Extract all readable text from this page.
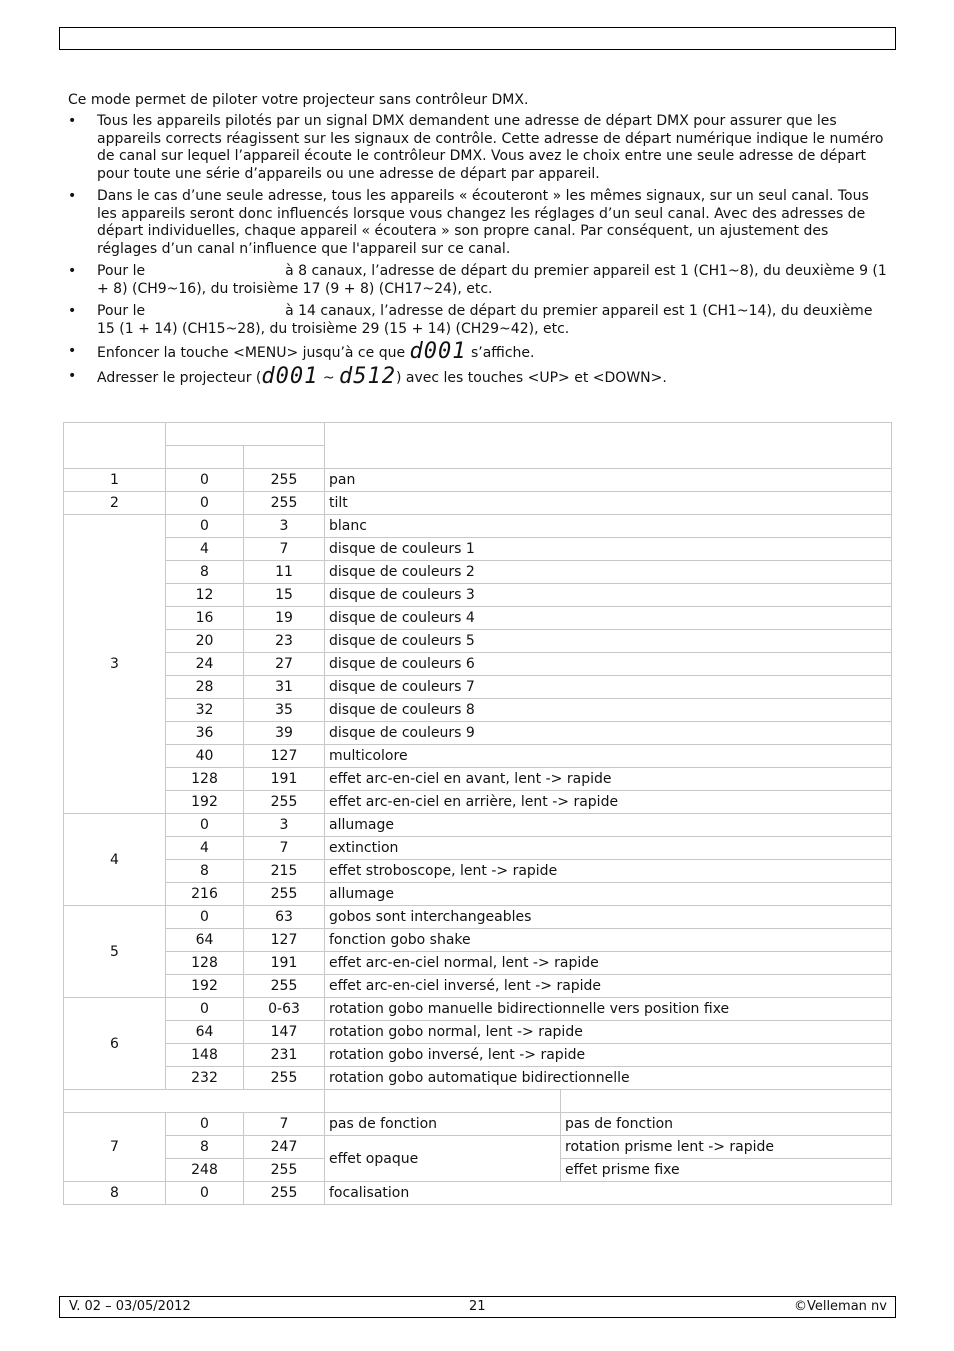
Ce mode permet de piloter votre projecteur sans contrôleur DMX.

• Tous les appareils pilotés par un signal DMX demandent une adresse de départ DMX pour assurer que les appareils corrects réagissent sur les signaux de contrôle. Cette adresse de départ numérique indique le numéro de canal sur lequel l’appareil écoute le contrôleur DMX. Vous avez le choix entre une seule adresse de départ pour toute une série d’appareils ou une adresse de départ par appareil.
• Dans le cas d’une seule adresse, tous les appareils « écouteront » les mêmes signaux, sur un seul canal. Tous les appareils seront donc influencés lorsque vous changez les réglages d’un seul canal. Avec des adresses de départ individuelles, chaque appareil « écoutera » son propre canal. Par conséquent, un ajustement des réglages d’un canal n’influence que l'appareil sur ce canal.
• Pour le	à 8 canaux, l’adresse de départ du premier appareil est 1 (CH1~8), du deuxième 9 (1 + 8) (CH9~16), du troisième 17 (9 + 8) (CH17~24), etc.
• Pour le	à 14 canaux, l’adresse de départ du premier appareil est 1 (CH1~14), du deuxième 15 (1 + 14) (CH15~28), du troisième 29 (15 + 14) (CH29~42), etc.
• Enfoncer la touche <MENU> jusqu’à ce que d001 s’affiche.
• Adresser le projecteur (d001 ~ d512) avec les touches <UP> et <DOWN>.

1	0	255	pan	
2	0	255	tilt	
3	0	3	blanc	
	4	7	disque de couleurs 1	
	8	11	disque de couleurs 2	
	12	15	disque de couleurs 3	
	16	19	disque de couleurs 4	
	20	23	disque de couleurs 5	
	24	27	disque de couleurs 6	
	28	31	disque de couleurs 7	
	32	35	disque de couleurs 8	
	36	39	disque de couleurs 9	
	40	127	multicolore	
	128	191	effet arc-en-ciel en avant, lent -> rapide	
	192	255	effet arc-en-ciel en arrière, lent -> rapide	
4	0	3	allumage	
	4	7	extinction	
	8	215	effet stroboscope, lent -> rapide	
	216	255	allumage	
5	0	63	gobos sont interchangeables	
	64	127	fonction gobo shake	
	128	191	effet arc-en-ciel normal, lent -> rapide	
	192	255	effet arc-en-ciel inversé, lent -> rapide	
6	0	0-63	rotation gobo manuelle bidirectionnelle vers position fixe	
	64	147	rotation gobo normal, lent -> rapide	
	148	231	rotation gobo inversé, lent -> rapide	
	232	255	rotation gobo automatique bidirectionnelle	

7	0	7	pas de fonction	pas de fonction
	8	247	effet opaque	rotation prisme lent -> rapide
	248	255		effet prisme fixe
8	0	255	focalisation	
V. 02 – 03/05/2012	21	©Velleman nv
